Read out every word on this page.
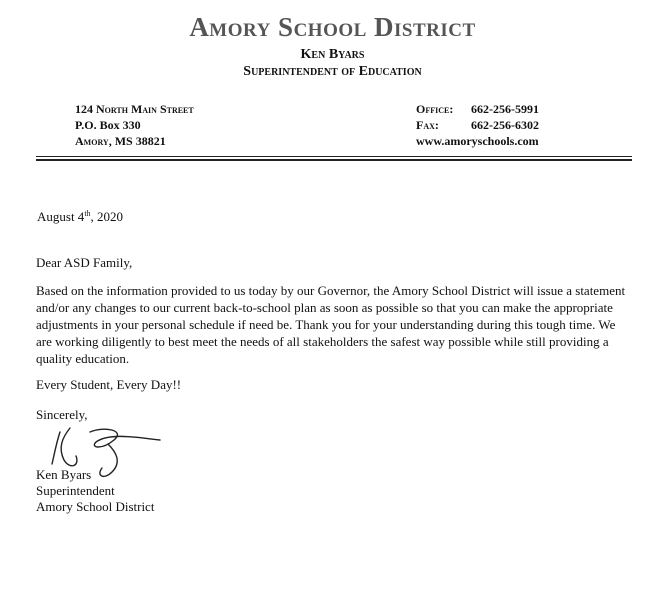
Amory School District
Ken Byars
Superintendent of Education
124 North Main Street
P.O. Box 330
Amory, MS 38821
Office: 662-256-5991
Fax:	662-256-6302
www.amoryschools.com
August 4th, 2020
Dear ASD Family,
Based on the information provided to us today by our Governor, the Amory School District will issue a statement and/or any changes to our current back-to-school plan as soon as possible so that you can make the appropriate adjustments in your personal schedule if need be. Thank you for your understanding during this tough time. We are working diligently to best meet the needs of all stakeholders the safest way possible while still providing a quality education.
Every Student, Every Day!!
Sincerely,
Ken Byars
Superintendent
Amory School District
